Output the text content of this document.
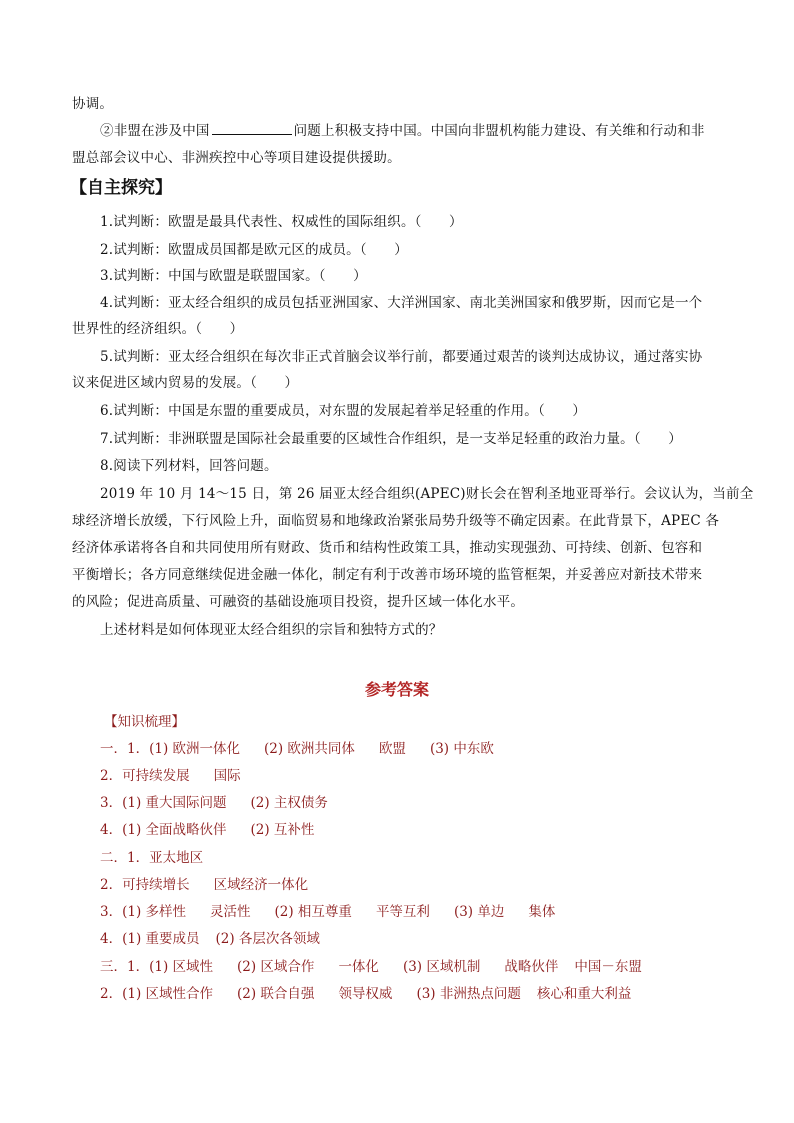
协调。
②非盟在涉及中国	问题上积极支持中国。中国向非盟机构能力建设、有关维和行动和非
盟总部会议中心、非洲疾控中心等项目建设提供援助。
【自主探究】
1.试判断：欧盟是最具代表性、权威性的国际组织。（　　）
2.试判断：欧盟成员国都是欧元区的成员。（　　）
3.试判断：中国与欧盟是联盟国家。（　　）
4.试判断：亚太经合组织的成员包括亚洲国家、大洋洲国家、南北美洲国家和俄罗斯，因而它是一个
世界性的经济组织。（　　）
5.试判断：亚太经合组织在每次非正式首脑会议举行前，都要通过艰苦的谈判达成协议，通过落实协
议来促进区域内贸易的发展。（　　）
6.试判断：中国是东盟的重要成员，对东盟的发展起着举足轻重的作用。（　　）
7.试判断：非洲联盟是国际社会最重要的区域性合作组织，是一支举足轻重的政治力量。（　　）
8.阅读下列材料，回答问题。
2019 年 10 月 14～15 日，第 26 届亚太经合组织(APEC)财长会在智利圣地亚哥举行。会议认为，当前全
球经济增长放缓，下行风险上升，面临贸易和地缘政治紧张局势升级等不确定因素。在此背景下，APEC 各
经济体承诺将各自和共同使用所有财政、货币和结构性政策工具，推动实现强劲、可持续、创新、包容和
平衡增长；各方同意继续促进金融一体化，制定有利于改善市场环境的监管框架，并妥善应对新技术带来
的风险；促进高质量、可融资的基础设施项目投资，提升区域一体化水平。
上述材料是如何体现亚太经合组织的宗旨和独特方式的？
参考答案
【知识梳理】
一．1．(1) 欧洲一体化 (2) 欧洲共同体 欧盟 (3) 中东欧
2．可持续发展 国际
3．(1) 重大国际问题 (2) 主权债务
4．(1) 全面战略伙伴 (2) 互补性
二．1．亚太地区
2．可持续增长 区域经济一体化
3．(1) 多样性 灵活性 (2) 相互尊重 平等互利 (3) 单边 集体
4．(1) 重要成员 (2) 各层次各领域
三．1．(1) 区域性 (2) 区域合作 一体化 (3) 区域机制 战略伙伴 中国－东盟
2．(1) 区域性合作 (2) 联合自强 领导权威 (3) 非洲热点问题 核心和重大利益
